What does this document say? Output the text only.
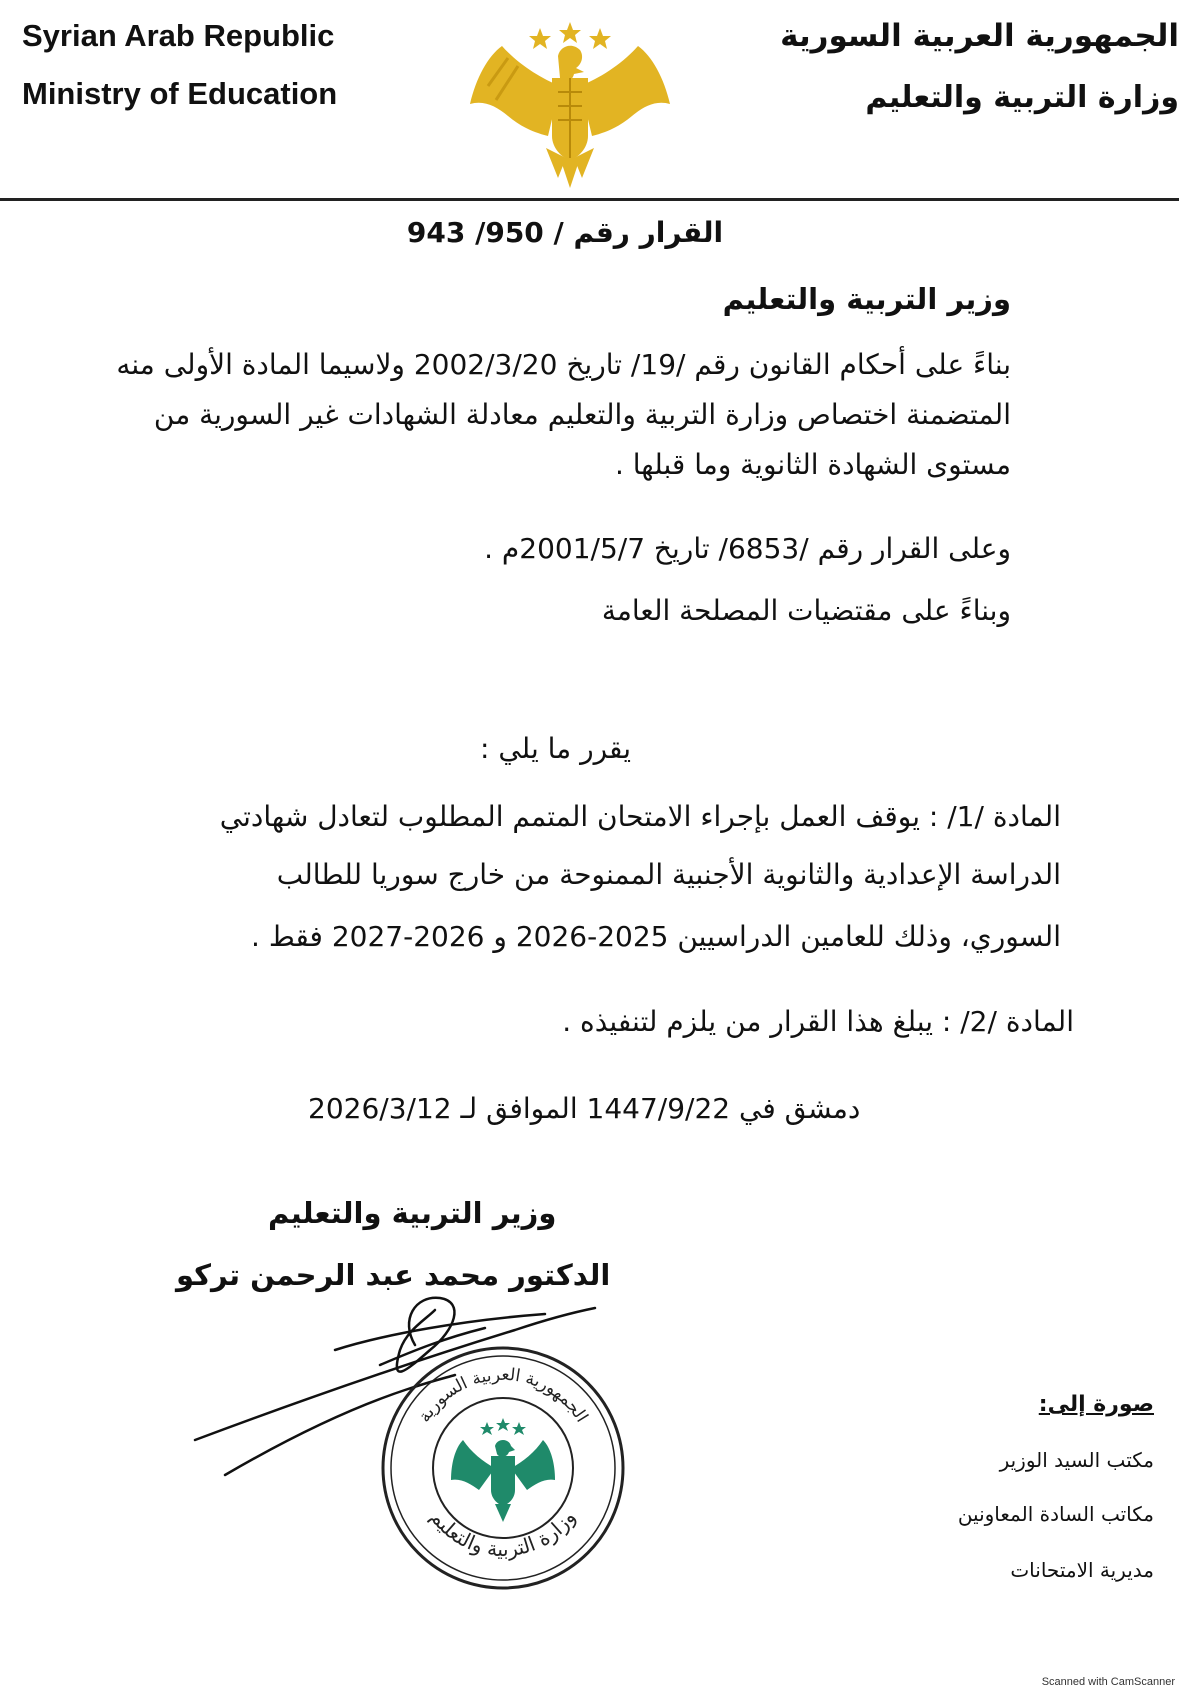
Syrian Arab Republic
Ministry of Education
الجمهورية العربية السورية
وزارة التربية والتعليم
القرار رقم / 950/ 943
وزير التربية والتعليم
بناءً على أحكام القانون رقم /19/ تاريخ 2002/3/20 ولاسيما المادة الأولى منه
المتضمنة اختصاص وزارة التربية والتعليم معادلة الشهادات غير السورية من
مستوى الشهادة الثانوية وما قبلها .
وعلى القرار رقم /6853/ تاريخ 2001/5/7م .
وبناءً على مقتضيات المصلحة العامة
يقرر ما يلي :
المادة /1/ : يوقف العمل بإجراء الامتحان المتمم المطلوب لتعادل شهادتي
الدراسة الإعدادية والثانوية الأجنبية الممنوحة من خارج سوريا للطالب
السوري، وذلك للعامين الدراسيين 2025-2026 و 2026-2027 فقط .
المادة /2/ : يبلغ هذا القرار من يلزم لتنفيذه .
دمشق في 1447/9/22 الموافق لـ 2026/3/12
وزير التربية والتعليم
الدكتور محمد عبد الرحمن تركو
الجمهورية العربية السورية
وزارة التربية والتعليم
صورة إلى:
مكتب السيد الوزير
مكاتب السادة المعاونين
مديرية الامتحانات
Scanned with CamScanner
